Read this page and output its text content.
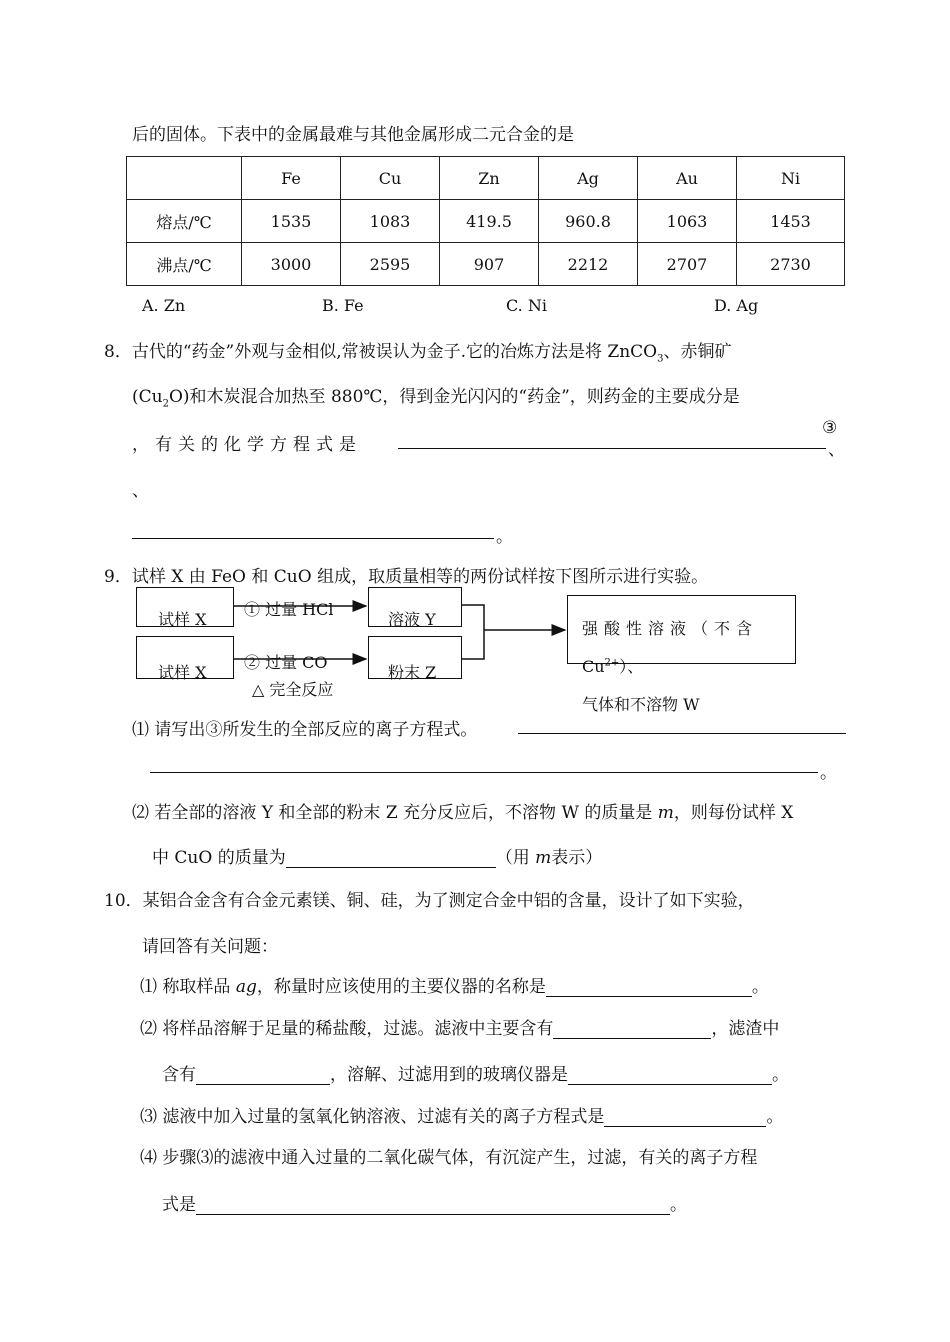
后的固体。下表中的金属最难与其他金属形成二元合金的是
	Fe	Cu	Zn	Ag	Au	Ni
熔点/℃	1535	1083	419.5	960.8	1063	1453
沸点/℃	3000	2595	907	2212	2707	2730
A. Zn	B. Fe	C. Ni	D. Ag
8．古代的“药金”外观与金相似,常被误认为金子.它的冶炼方法是将 ZnCO$_3$、赤铜矿
$(Cu_2O)$和木炭混合加热至 880℃，得到金光闪闪的“药金”，则药金的主要成分是
，有关的化学方程式是
③
、
、
。
9．试样 X 由 FeO 和 CuO 组成，取质量相等的两份试样按下图所示进行实验。
试样 X
试样 X
① 过量 HCl
② 过量 CO
△ 完全反应
溶液 Y
粉末 Z
强酸性溶液（不含
$Cu^{2+}$）、
气体和不溶物 W
⑴ 请写出③所发生的全部反应的离子方程式。
。
⑵ 若全部的溶液 Y 和全部的粉末 Z 充分反应后，不溶物 W 的质量是 m，则每份试样 X
中 CuO 的质量为	（用 m表示）
10．某铝合金含有合金元素镁、铜、硅，为了测定合金中铝的含量，设计了如下实验，
请回答有关问题：
⑴ 称取样品 ag，称量时应该使用的主要仪器的名称是	。
⑵ 将样品溶解于足量的稀盐酸，过滤。滤液中主要含有	，滤渣中
含有	，溶解、过滤用到的玻璃仪器是	。
⑶ 滤液中加入过量的氢氧化钠溶液、过滤有关的离子方程式是	。
⑷ 步骤⑶的滤液中通入过量的二氧化碳气体，有沉淀产生，过滤，有关的离子方程
式是	。
